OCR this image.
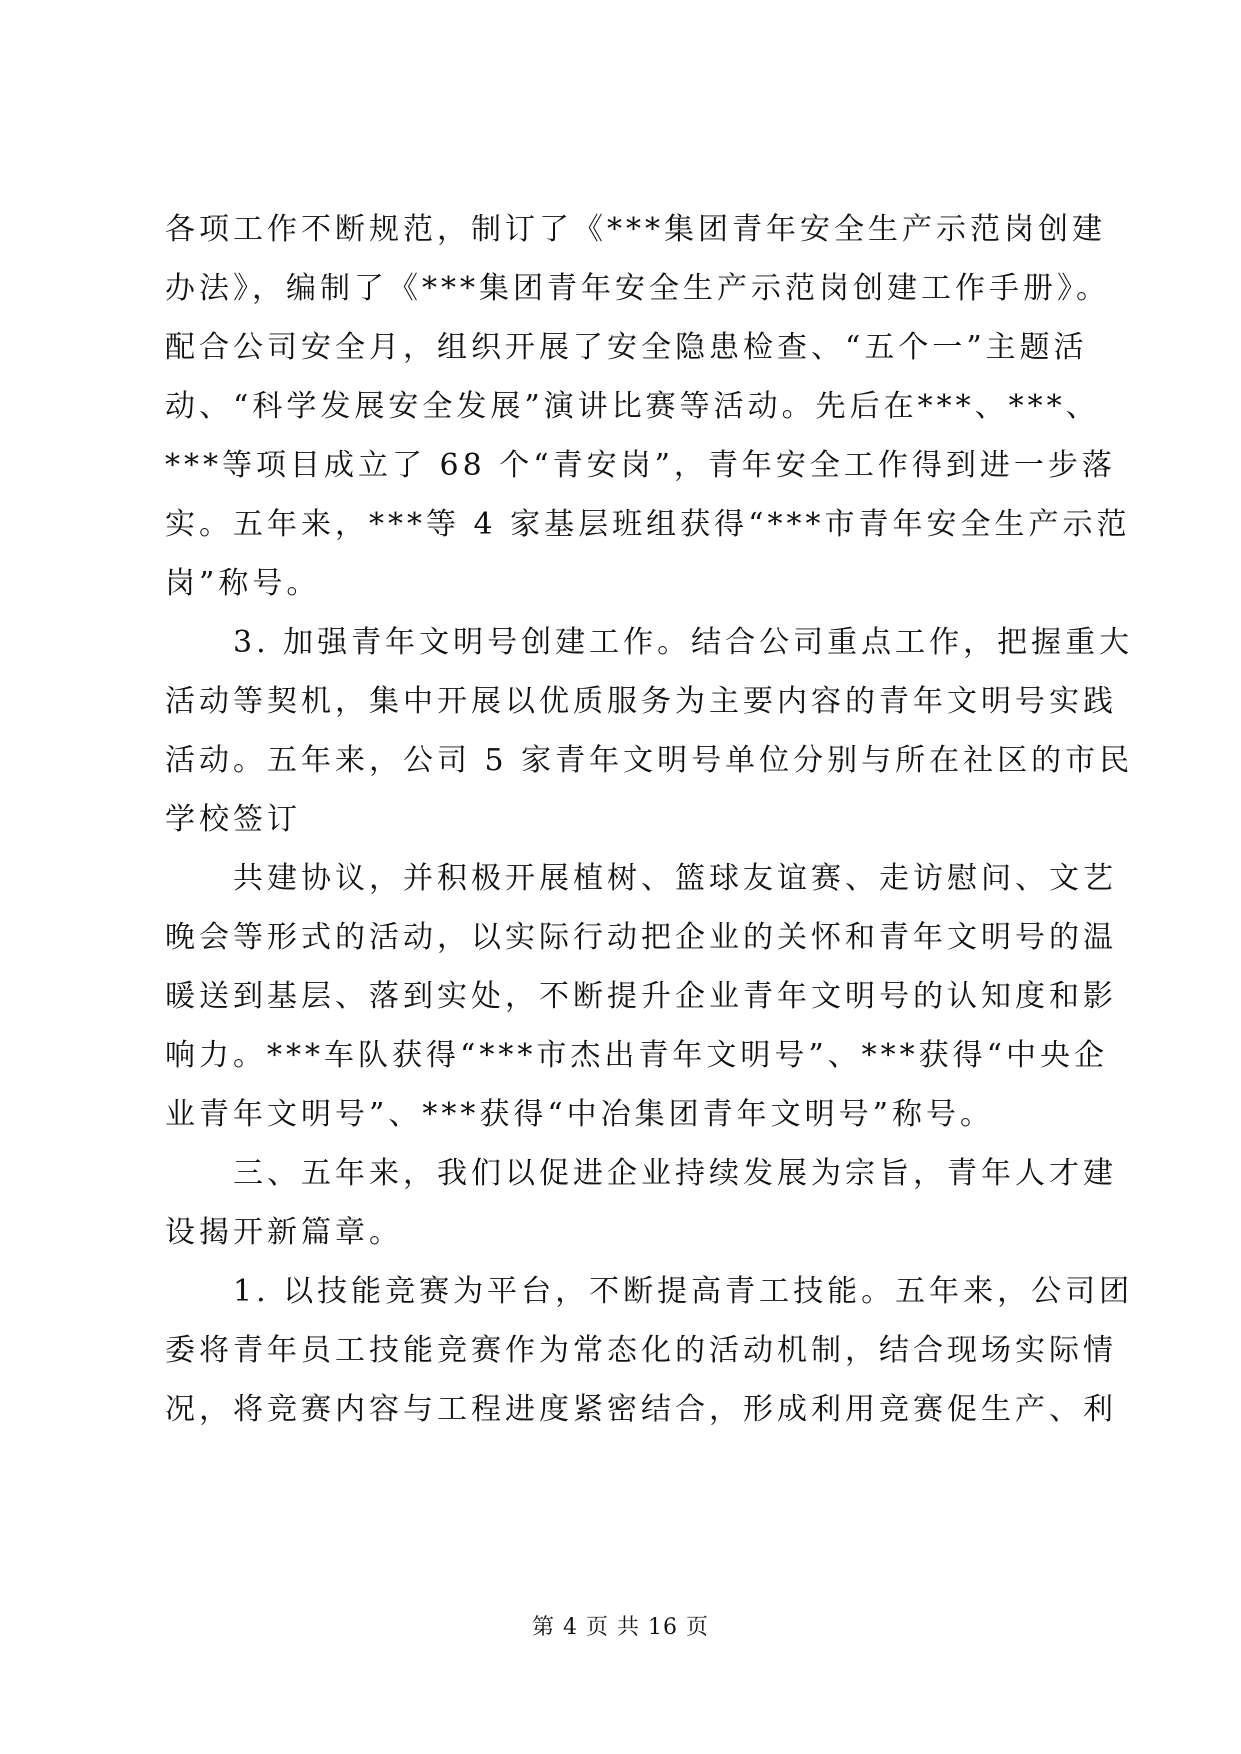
各项工作不断规范，制订了《***集团青年安全生产示范岗创建
办法》，编制了《***集团青年安全生产示范岗创建工作手册》。
配合公司安全月，组织开展了安全隐患检查、“五个一”主题活
动、“科学发展安全发展”演讲比赛等活动。先后在***、***、
***等项目成立了 68 个“青安岗”，青年安全工作得到进一步落
实。五年来，***等 4 家基层班组获得“***市青年安全生产示范
岗”称号。
　　3. 加强青年文明号创建工作。结合公司重点工作，把握重大
活动等契机，集中开展以优质服务为主要内容的青年文明号实践
活动。五年来，公司 5 家青年文明号单位分别与所在社区的市民
学校签订
　　共建协议，并积极开展植树、篮球友谊赛、走访慰问、文艺
晚会等形式的活动，以实际行动把企业的关怀和青年文明号的温
暖送到基层、落到实处，不断提升企业青年文明号的认知度和影
响力。***车队获得“***市杰出青年文明号”、***获得“中央企
业青年文明号”、***获得“中冶集团青年文明号”称号。
　　三、五年来，我们以促进企业持续发展为宗旨，青年人才建
设揭开新篇章。
　　1. 以技能竞赛为平台，不断提高青工技能。五年来，公司团
委将青年员工技能竞赛作为常态化的活动机制，结合现场实际情
况，将竞赛内容与工程进度紧密结合，形成利用竞赛促生产、利
第 4 页 共 16 页
